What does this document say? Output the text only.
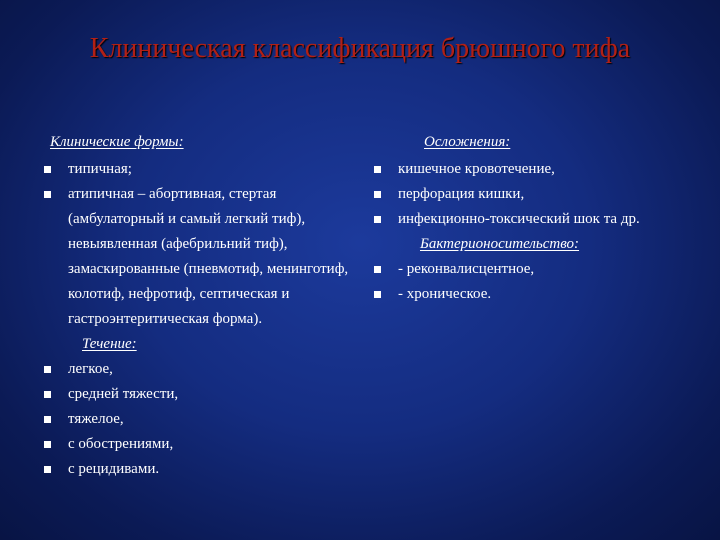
Клиническая классификация брюшного тифа
Клинические формы:
типичная;
атипичная – абортивная, стертая (амбулаторный и самый легкий тиф), невыявленная (афебрильний тиф), замаскированные (пневмотиф, менинготиф, колотиф, нефротиф, септическая и гастроэнтеритическая форма).
Течение:
легкое,
средней тяжести,
тяжелое,
с обострениями,
с рецидивами.
Осложнения:
кишечное кровотечение,
перфорация кишки,
инфекционно-токсический шок та др.
Бактерионосительство:
- реконвалисцентное,
- хроническое.
